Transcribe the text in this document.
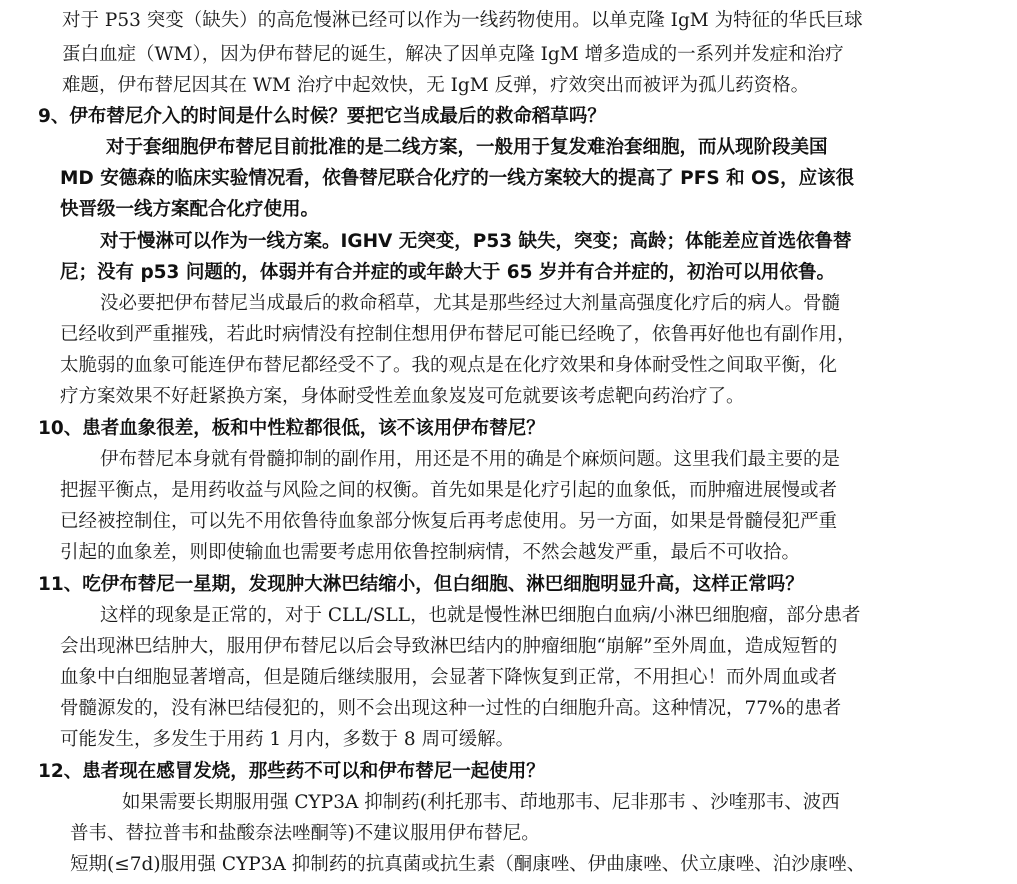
对于 P53 突变（缺失）的高危慢淋已经可以作为一线药物使用。以单克隆 IgM 为特征的华氏巨球
蛋白血症（WM），因为伊布替尼的诞生，解决了因单克隆 IgM 增多造成的一系列并发症和治疗
难题，伊布替尼因其在 WM 治疗中起效快，无 IgM 反弹，疗效突出而被评为孤儿药资格。
9、伊布替尼介入的时间是什么时候？要把它当成最后的救命稻草吗？
对于套细胞伊布替尼目前批准的是二线方案，一般用于复发难治套细胞，而从现阶段美国
MD 安德森的临床实验情况看，依鲁替尼联合化疗的一线方案较大的提高了 PFS 和 OS，应该很
快晋级一线方案配合化疗使用。
对于慢淋可以作为一线方案。IGHV 无突变，P53 缺失，突变；高龄；体能差应首选依鲁替
尼；没有 p53 问题的，体弱并有合并症的或年龄大于 65 岁并有合并症的，初治可以用依鲁。
没必要把伊布替尼当成最后的救命稻草，尤其是那些经过大剂量高强度化疗后的病人。骨髓
已经收到严重摧残，若此时病情没有控制住想用伊布替尼可能已经晚了，依鲁再好他也有副作用，
太脆弱的血象可能连伊布替尼都经受不了。我的观点是在化疗效果和身体耐受性之间取平衡，化
疗方案效果不好赶紧换方案，身体耐受性差血象岌岌可危就要该考虑靶向药治疗了。
10、患者血象很差，板和中性粒都很低，该不该用伊布替尼？
伊布替尼本身就有骨髓抑制的副作用，用还是不用的确是个麻烦问题。这里我们最主要的是
把握平衡点，是用药收益与风险之间的权衡。首先如果是化疗引起的血象低，而肿瘤进展慢或者
已经被控制住，可以先不用依鲁待血象部分恢复后再考虑使用。另一方面，如果是骨髓侵犯严重
引起的血象差，则即使输血也需要考虑用依鲁控制病情，不然会越发严重，最后不可收拾。
11、吃伊布替尼一星期，发现肿大淋巴结缩小，但白细胞、淋巴细胞明显升高，这样正常吗？
这样的现象是正常的，对于 CLL/SLL，也就是慢性淋巴细胞白血病/小淋巴细胞瘤，部分患者
会出现淋巴结肿大，服用伊布替尼以后会导致淋巴结内的肿瘤细胞“崩解”至外周血，造成短暂的
血象中白细胞显著增高，但是随后继续服用，会显著下降恢复到正常，不用担心！而外周血或者
骨髓源发的，没有淋巴结侵犯的，则不会出现这种一过性的白细胞升高。这种情况，77%的患者
可能发生，多发生于用药 1 月内，多数于 8 周可缓解。
12、患者现在感冒发烧，那些药不可以和伊布替尼一起使用？
如果需要长期服用强 CYP3A 抑制药(利托那韦、茚地那韦、尼非那韦 、沙喹那韦、波西
普韦、替拉普韦和盐酸奈法唑酮等)不建议服用伊布替尼。
短期(≤7d)服用强 CYP3A 抑制药的抗真菌或抗生素（酮康唑、伊曲康唑、伏立康唑、泊沙康唑、
